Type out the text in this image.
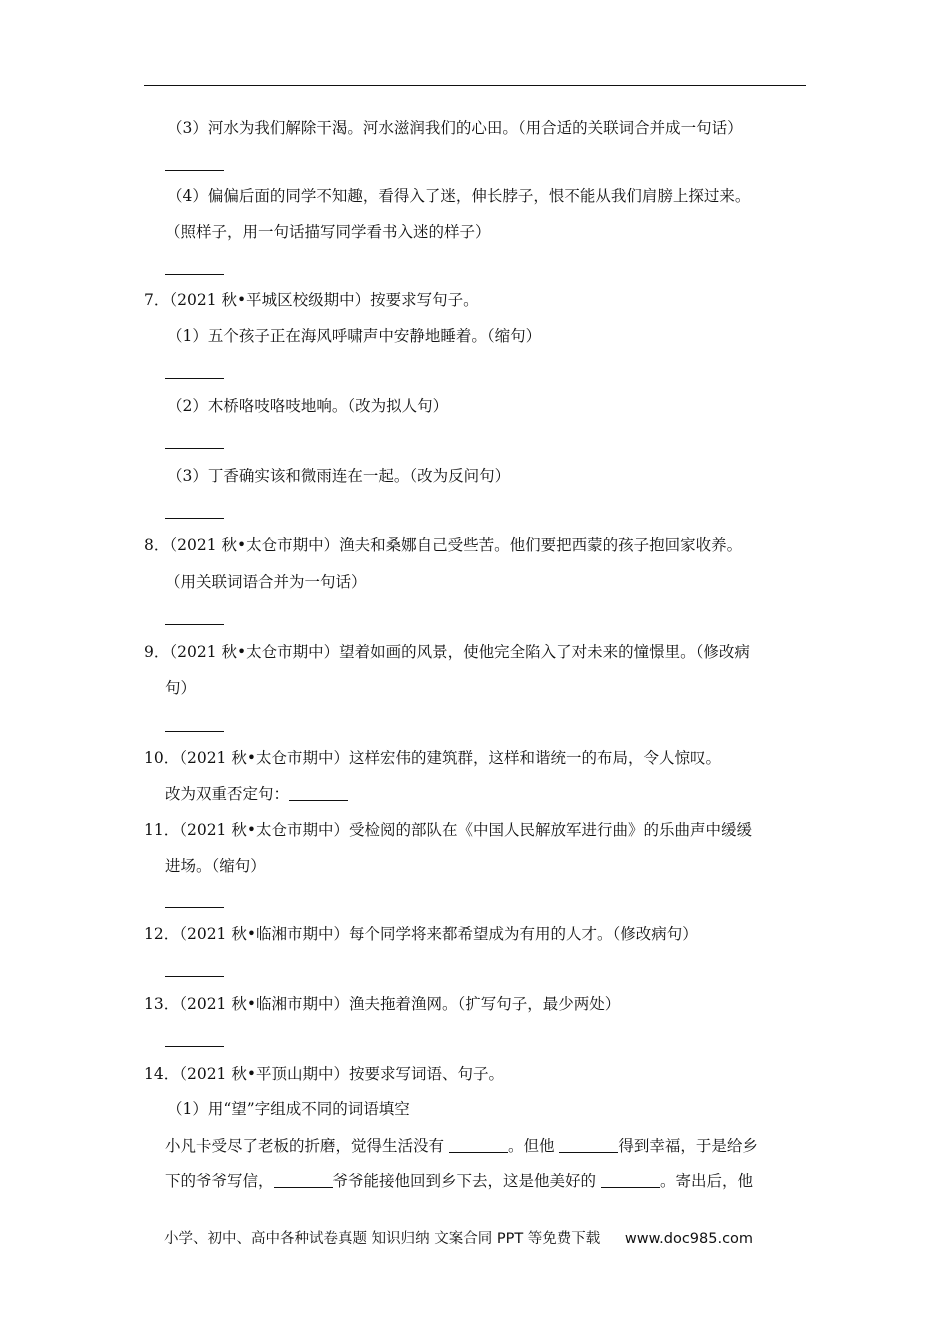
（3）河水为我们解除干渴。河水滋润我们的心田。（用合适的关联词合并成一句话）
（4）偏偏后面的同学不知趣，看得入了迷，伸长脖子，恨不能从我们肩膀上探过来。
（照样子，用一句话描写同学看书入迷的样子）
7．（2021 秋•平城区校级期中）按要求写句子。
（1）五个孩子正在海风呼啸声中安静地睡着。（缩句）
（2）木桥咯吱咯吱地响。（改为拟人句）
（3）丁香确实该和微雨连在一起。（改为反问句）
8．（2021 秋•太仓市期中）渔夫和桑娜自己受些苦。他们要把西蒙的孩子抱回家收养。
（用关联词语合并为一句话）
9．（2021 秋•太仓市期中）望着如画的风景，使他完全陷入了对未来的憧憬里。（修改病
句）
10．（2021 秋•太仓市期中）这样宏伟的建筑群，这样和谐统一的布局，令人惊叹。
改为双重否定句：
11．（2021 秋•太仓市期中）受检阅的部队在《中国人民解放军进行曲》的乐曲声中缓缓
进场。（缩句）
12．（2021 秋•临湘市期中）每个同学将来都希望成为有用的人才。（修改病句）
13．（2021 秋•临湘市期中）渔夫拖着渔网。（扩写句子，最少两处）
14．（2021 秋•平顶山期中）按要求写词语、句子。
（1）用“望”字组成不同的词语填空
小凡卡受尽了老板的折磨，觉得生活没有	。但他	得到幸福，于是给乡
下的爷爷写信，	爷爷能接他回到乡下去，这是他美好的	。寄出后，他
小学、初中、高中各种试卷真题 知识归纳 文案合同 PPT 等免费下载 www.doc985.com
